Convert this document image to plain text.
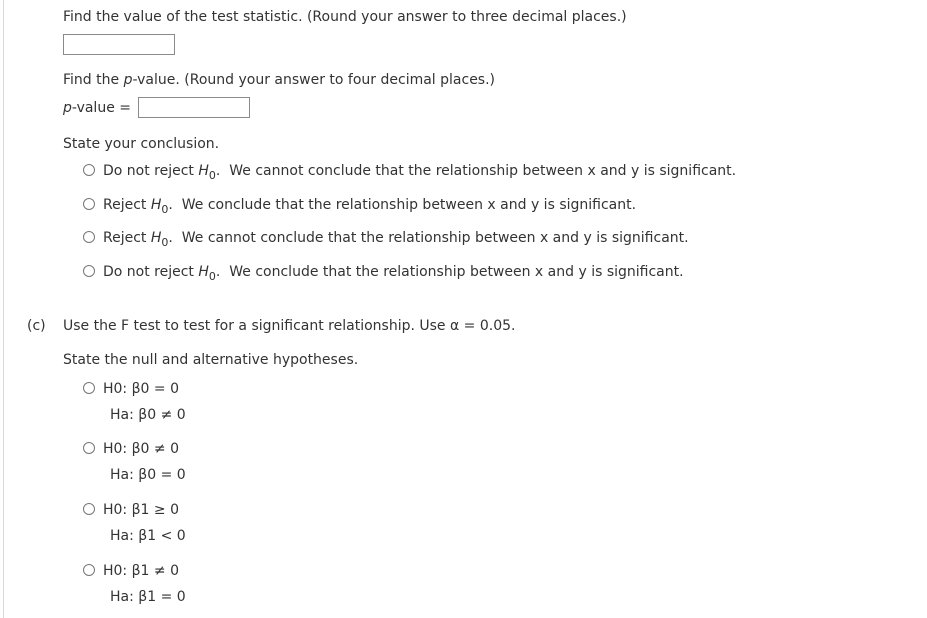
Find the value of the test statistic. (Round your answer to three decimal places.)
Find the p-value. (Round your answer to four decimal places.)
p-value =
State your conclusion.
Do not reject $H_0$.  We cannot conclude that the relationship between x and y is significant.
Reject $H_0$.  We conclude that the relationship between x and y is significant.
Reject $H_0$.  We cannot conclude that the relationship between x and y is significant.
Do not reject $H_0$.  We conclude that the relationship between x and y is significant.
(c) Use the F test to test for a significant relationship. Use α = 0.05.
State the null and alternative hypotheses.
H0: β0 = 0
Ha: β0 ≠ 0
H0: β0 ≠ 0
Ha: β0 = 0
H0: β1 ≥ 0
Ha: β1 < 0
H0: β1 ≠ 0
Ha: β1 = 0
